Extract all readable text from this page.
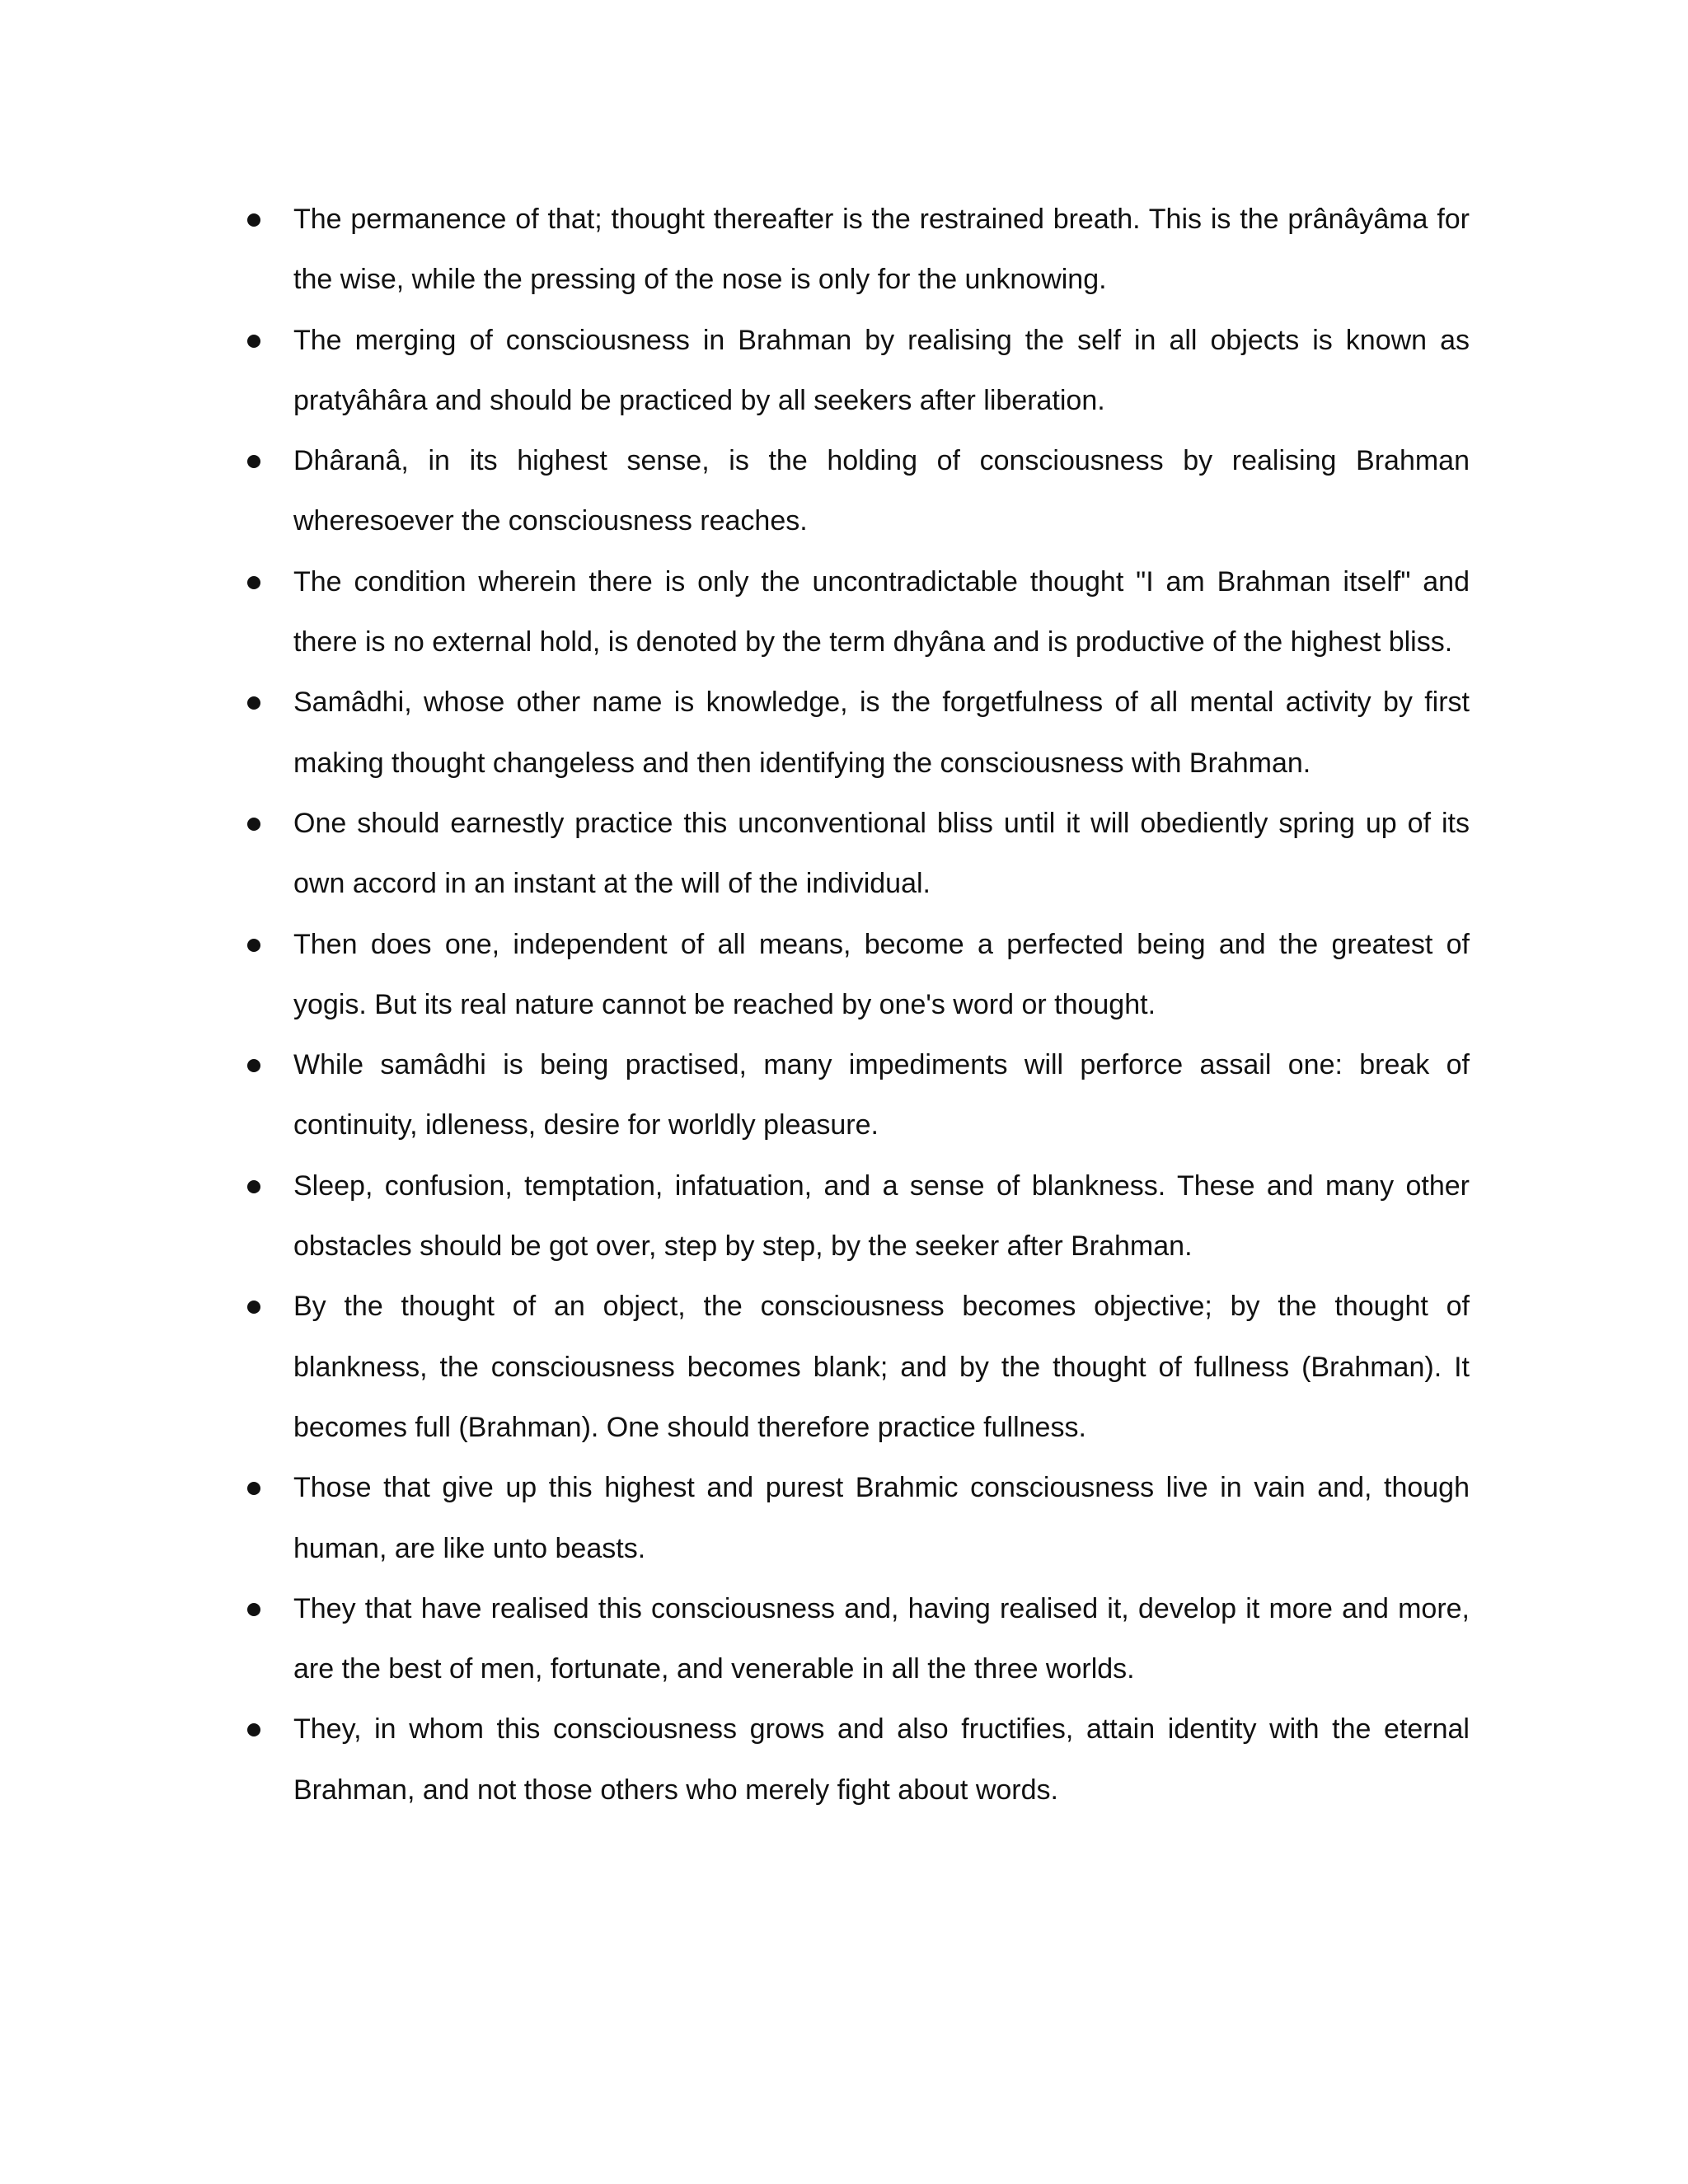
The permanence of that; thought thereafter is the restrained breath. This is the prânâyâma for the wise, while the pressing of the nose is only for the unknowing.
The merging of consciousness in Brahman by realising the self in all objects is known as pratyâhâra and should be practiced by all seekers after liberation.
Dhâranâ, in its highest sense, is the holding of consciousness by realising Brahman wheresoever the consciousness reaches.
The condition wherein there is only the uncontradictable thought "I am Brahman itself" and there is no external hold, is denoted by the term dhyâna and is productive of the highest bliss.
Samâdhi, whose other name is knowledge, is the forgetfulness of all mental activity by first making thought changeless and then identifying the consciousness with Brahman.
One should earnestly practice this unconventional bliss until it will obediently spring up of its own accord in an instant at the will of the individual.
Then does one, independent of all means, become a perfected being and the greatest of yogis. But its real nature cannot be reached by one's word or thought.
While samâdhi is being practised, many impediments will perforce assail one: break of continuity, idleness, desire for worldly pleasure.
Sleep, confusion, temptation, infatuation, and a sense of blankness. These and many other obstacles should be got over, step by step, by the seeker after Brahman.
By the thought of an object, the consciousness becomes objective; by the thought of blankness, the consciousness becomes blank; and by the thought of fullness (Brahman). It becomes full (Brahman). One should therefore practice fullness.
Those that give up this highest and purest Brahmic consciousness live in vain and, though human, are like unto beasts.
They that have realised this consciousness and, having realised it, develop it more and more, are the best of men, fortunate, and venerable in all the three worlds.
They, in whom this consciousness grows and also fructifies, attain identity with the eternal Brahman, and not those others who merely fight about words.
